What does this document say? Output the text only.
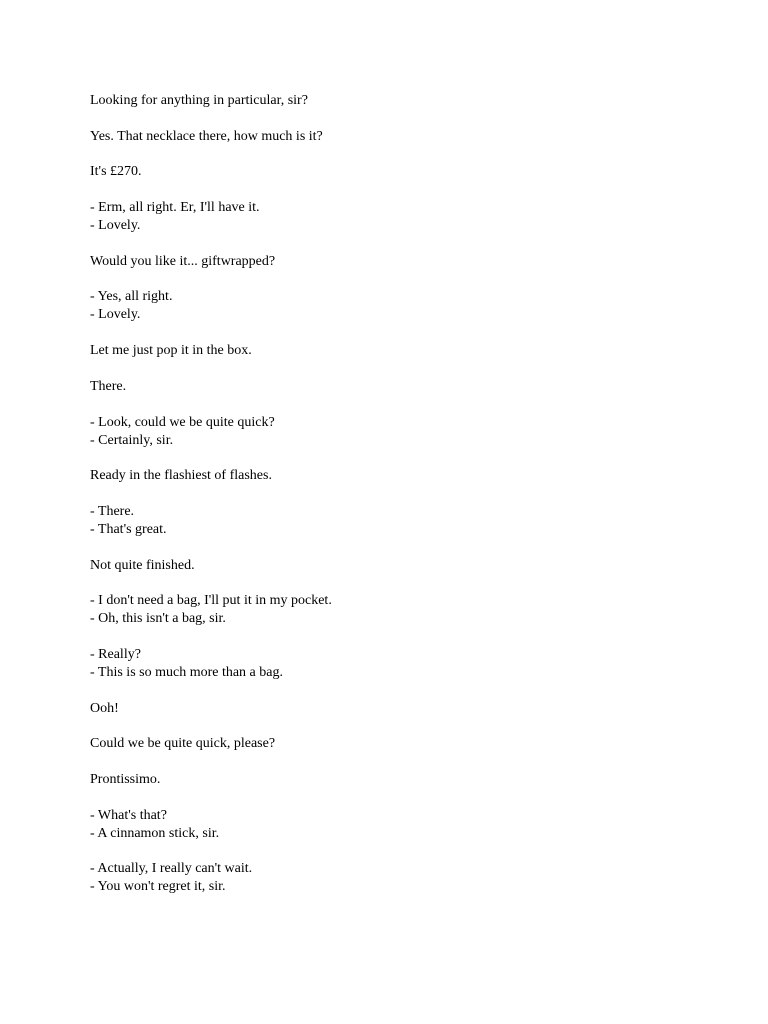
Looking for anything in particular, sir?
Yes. That necklace there, how much is it?
It's £270.
- Erm, all right. Er, I'll have it.
- Lovely.
Would you like it... giftwrapped?
- Yes, all right.
- Lovely.
Let me just pop it in the box.
There.
- Look, could we be quite quick?
- Certainly, sir.
Ready in the flashiest of flashes.
- There.
- That's great.
Not quite finished.
- I don't need a bag, I'll put it in my pocket.
- Oh, this isn't a bag, sir.
- Really?
- This is so much more than a bag.
Ooh!
Could we be quite quick, please?
Prontissimo.
- What's that?
- A cinnamon stick, sir.
- Actually, I really can't wait.
- You won't regret it, sir.
